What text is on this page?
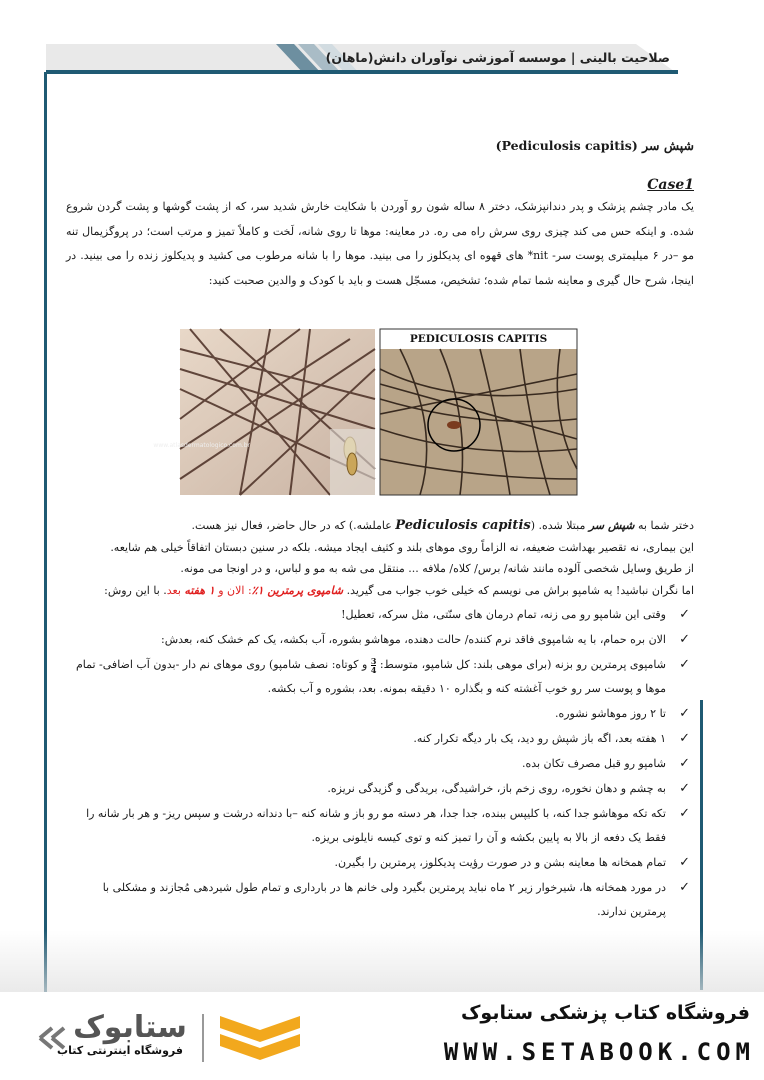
صلاحیت بالینی | موسسه آموزشی نوآوران دانش(ماهان)
شپش سر (Pediculosis capitis)
Case1

یک مادر چشم پزشک و پدر دندانپزشک، دختر ۸ ساله شون رو آوردن با شکایت خارش شدید سر، که از پشت گوشها و پشت گردن شروع شده. و اینکه حس می کند چیزی روی سرش راه می ره. در معاینه: موها تا روی شانه، لَخت و کاملاً تمیز و مرتب است؛ در پروگزیمال تنه مو –در ۶ میلیمتری پوست سر- nit* های قهوه ای پدیکلوز را می بینید. موها را با شانه مرطوب می کشید و پدیکلوز زنده را می بینید. در اینجا، شرح حال گیری و معاینه شما تمام شده؛ تشخیص، مسجّل هست و باید با کودک و والدین صحبت کنید:

www.atlasdermatologico.com.br
PEDICULOSIS CAPITIS

دختر شما به شپش سر مبتلا شده. (Pediculosis capitis عاملشه.) که در حال حاضر، فعال نیز هست.

این بیماری، نه تقصیر بهداشت ضعیفه، نه الزاماً روی موهای بلند و کثیف ایجاد میشه. بلکه در سنین دبستان اتفاقاً خیلی هم شایعه.

از طریق وسایل شخصی آلوده مانند شانه/ برس/ کلاه/ ملافه ... منتقل می شه به مو و لباس، و در اونجا می مونه.

اما نگران نباشید! یه شامپو براش می نویسم که خیلی خوب جواب می گیرید. شامپوی پرمترین ۱٪: الان و ۱ هفته بعد. با این روش:

✓
وقتی این شامپو رو می زنه، تمام درمان های سنّتی، مثل سرکه، تعطیل!
✓
الان بره حمام، با یه شامپوی فاقد نرم کننده/ حالت دهنده، موهاشو بشوره، آب بکشه، یک کم خشک کنه، بعدش:
✓
شامپوی پرمترین رو بزنه (برای موهی بلند: کل شامپو، متوسط:
$\frac{3}{4}$
و کوتاه: نصف شامپو) روی موهای نم دار -بدون آب اضافی- تمام موها و پوست سر رو خوب آغشته کنه و بگذاره ۱۰ دقیقه بمونه. بعد، بشوره و آب بکشه.
✓
تا ۲ روز موهاشو نشوره.
✓
۱ هفته بعد، اگه باز شپش رو دید، یک بار دیگه تکرار کنه.
✓
شامپو رو قبل مصرف تکان بده.
✓
به چشم و دهان نخوره، روی زخم باز، خراشیدگی، بریدگی و گزیدگی نریزه.
✓
تکه تکه موهاشو جدا کنه، با کلیپس ببنده، جدا جدا، هر دسته مو رو باز و شانه کنه –با دندانه درشت و سپس ریز- و هر بار شانه را فقط یک دفعه از بالا به پایین بکشه و آن را تمیز کنه و توی کیسه نایلونی بریزه.
✓
تمام همخانه ها معاینه بشن و در صورت رؤیت پدیکلوز، پرمترین را بگیرن.
✓
در مورد همخانه ها، شیرخوار زیر ۲ ماه نباید پرمترین بگیرد ولی خانم ها در بارداری و تمام طول شیردهی مُجازند و مشکلی با پرمترین ندارند.
فروشگاه کتاب پزشکی ستابوک
WWW.SETABOOK.COM
ستابوک
فروشگاه اینترنتی کتاب
